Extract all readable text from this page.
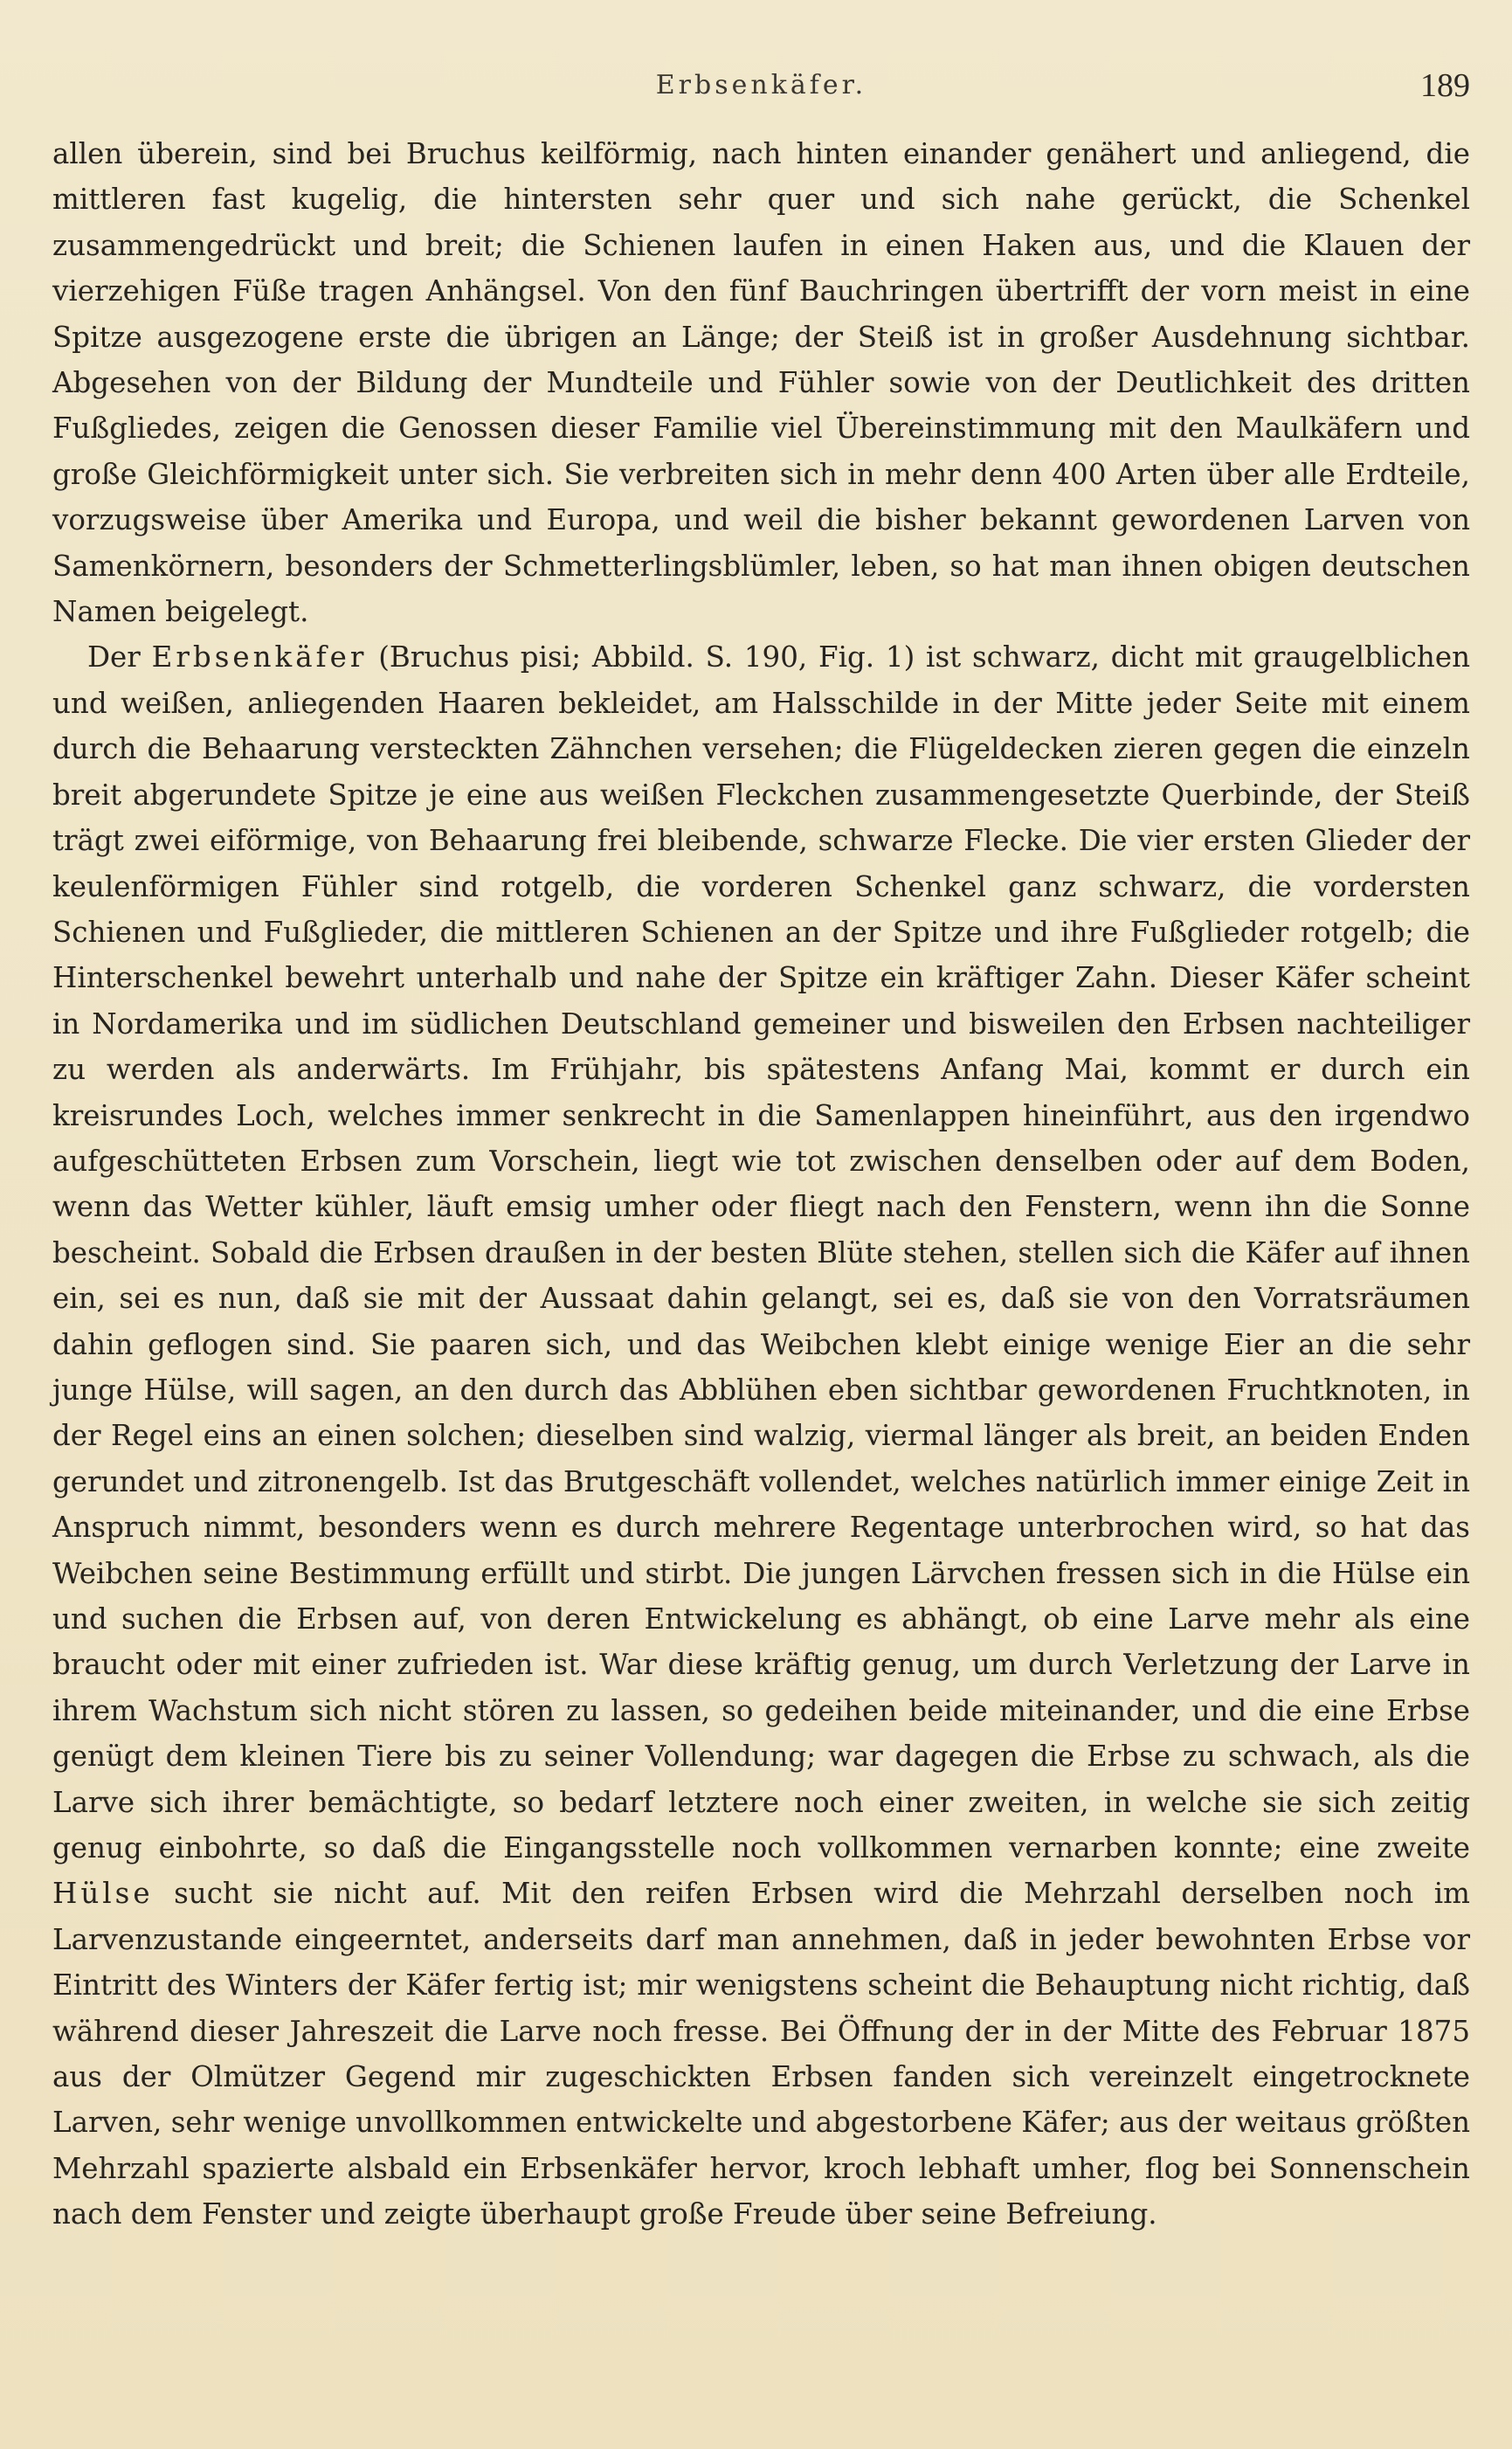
Erbsenkäfer.	189

allen überein, sind bei Bruchus keilförmig, nach hinten einander genähert und anliegend, die mittleren fast kugelig, die hintersten sehr quer und sich nahe gerückt, die Schenkel zusammengedrückt und breit; die Schienen laufen in einen Haken aus, und die Klauen der vierzehigen Füße tragen Anhängsel. Von den fünf Bauchringen übertrifft der vorn meist in eine Spitze ausgezogene erste die übrigen an Länge; der Steiß ist in großer Ausdehnung sichtbar. Abgesehen von der Bildung der Mundteile und Fühler sowie von der Deutlichkeit des dritten Fußgliedes, zeigen die Genossen dieser Familie viel Übereinstimmung mit den Maulkäfern und große Gleichförmigkeit unter sich. Sie verbreiten sich in mehr denn 400 Arten über alle Erdteile, vorzugsweise über Amerika und Europa, und weil die bisher bekannt gewordenen Larven von Samenkörnern, besonders der Schmetterlingsblümler, leben, so hat man ihnen obigen deutschen Namen beigelegt.

Der Erbsenkäfer (Bruchus pisi; Abbild. S. 190, Fig. 1) ist schwarz, dicht mit graugelblichen und weißen, anliegenden Haaren bekleidet, am Halsschilde in der Mitte jeder Seite mit einem durch die Behaarung versteckten Zähnchen versehen; die Flügeldecken zieren gegen die einzeln breit abgerundete Spitze je eine aus weißen Fleckchen zusammengesetzte Querbinde, der Steiß trägt zwei eiförmige, von Behaarung frei bleibende, schwarze Flecke. Die vier ersten Glieder der keulenförmigen Fühler sind rotgelb, die vorderen Schenkel ganz schwarz, die vordersten Schienen und Fußglieder, die mittleren Schienen an der Spitze und ihre Fußglieder rotgelb; die Hinterschenkel bewehrt unterhalb und nahe der Spitze ein kräftiger Zahn. Dieser Käfer scheint in Nordamerika und im südlichen Deutschland gemeiner und bisweilen den Erbsen nachteiliger zu werden als anderwärts. Im Frühjahr, bis spätestens Anfang Mai, kommt er durch ein kreisrundes Loch, welches immer senkrecht in die Samenlappen hineinführt, aus den irgendwo aufgeschütteten Erbsen zum Vorschein, liegt wie tot zwischen denselben oder auf dem Boden, wenn das Wetter kühler, läuft emsig umher oder fliegt nach den Fenstern, wenn ihn die Sonne bescheint. Sobald die Erbsen draußen in der besten Blüte stehen, stellen sich die Käfer auf ihnen ein, sei es nun, daß sie mit der Aussaat dahin gelangt, sei es, daß sie von den Vorratsräumen dahin geflogen sind. Sie paaren sich, und das Weibchen klebt einige wenige Eier an die sehr junge Hülse, will sagen, an den durch das Abblühen eben sichtbar gewordenen Fruchtknoten, in der Regel eins an einen solchen; dieselben sind walzig, viermal länger als breit, an beiden Enden gerundet und zitronengelb. Ist das Brutgeschäft vollendet, welches natürlich immer einige Zeit in Anspruch nimmt, besonders wenn es durch mehrere Regentage unterbrochen wird, so hat das Weibchen seine Bestimmung erfüllt und stirbt. Die jungen Lärvchen fressen sich in die Hülse ein und suchen die Erbsen auf, von deren Entwickelung es abhängt, ob eine Larve mehr als eine braucht oder mit einer zufrieden ist. War diese kräftig genug, um durch Verletzung der Larve in ihrem Wachstum sich nicht stören zu lassen, so gedeihen beide miteinander, und die eine Erbse genügt dem kleinen Tiere bis zu seiner Vollendung; war dagegen die Erbse zu schwach, als die Larve sich ihrer bemächtigte, so bedarf letztere noch einer zweiten, in welche sie sich zeitig genug einbohrte, so daß die Eingangsstelle noch vollkommen vernarben konnte; eine zweite Hülse sucht sie nicht auf. Mit den reifen Erbsen wird die Mehrzahl derselben noch im Larvenzustande eingeerntet, anderseits darf man annehmen, daß in jeder bewohnten Erbse vor Eintritt des Winters der Käfer fertig ist; mir wenigstens scheint die Behauptung nicht richtig, daß während dieser Jahreszeit die Larve noch fresse. Bei Öffnung der in der Mitte des Februar 1875 aus der Olmützer Gegend mir zugeschickten Erbsen fanden sich vereinzelt eingetrocknete Larven, sehr wenige unvollkommen entwickelte und abgestorbene Käfer; aus der weitaus größten Mehrzahl spazierte alsbald ein Erbsenkäfer hervor, kroch lebhaft umher, flog bei Sonnenschein nach dem Fenster und zeigte überhaupt große Freude über seine Befreiung.
